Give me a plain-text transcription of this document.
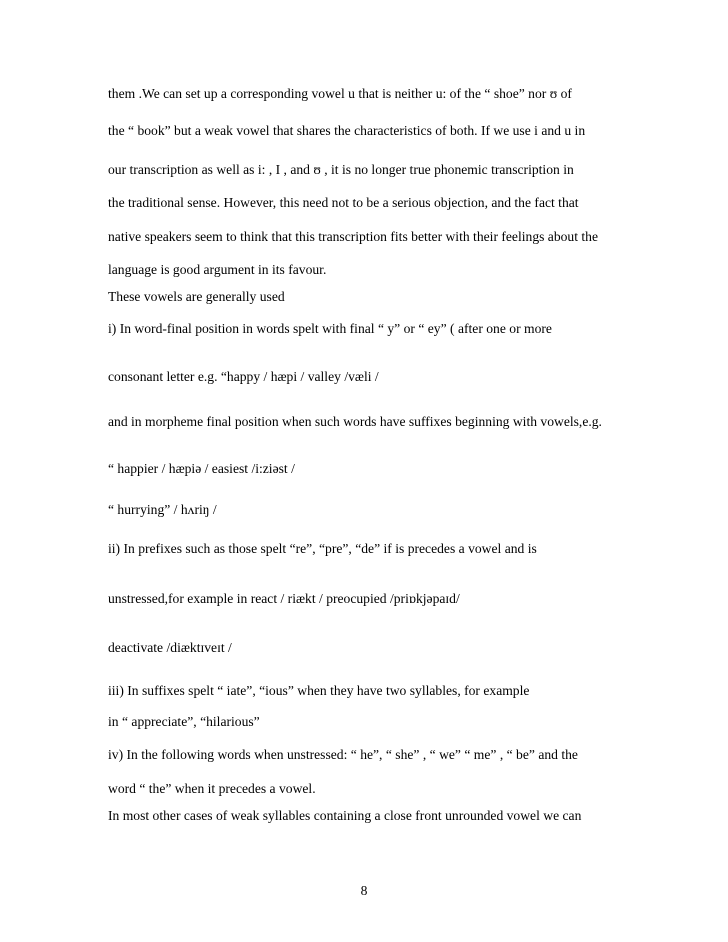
them .We can set up a corresponding vowel u that is neither u: of the “ shoe” nor ʊ of
the “ book” but a weak vowel that shares the characteristics of both. If we use i and u in
our transcription as well as i: , I , and ʊ , it is no longer true phonemic transcription in
the traditional sense. However, this need not to be a serious objection, and the fact that
native speakers seem to think that this transcription fits better with their feelings about the
language is good argument in its favour.
These vowels are generally used
i) In word-final position in words spelt with final “ y” or “ ey” ( after one or more
consonant letter e.g. “happy / hæpi / valley /væli /
and in morpheme final position when such words have suffixes beginning with vowels,e.g.
“ happier / hæpiə / easiest /i:ziəst /
“ hurrying” / hʌriŋ /
ii) In prefixes such as those spelt “re”, “pre”, “de” if is precedes a vowel and is
unstressed,for example in react / riækt / preocupied /priɒkjəpaɪd/
deactivate /diæktɪveɪt /
iii) In suffixes spelt “ iate”, “ious” when they have two syllables, for example
in “ appreciate”, “hilarious”
iv) In the following words when unstressed: “ he”, “ she” , “ we” “ me” , “ be” and the
word “ the” when it precedes a vowel.
In most other cases of weak syllables containing a close front unrounded vowel we can
8
